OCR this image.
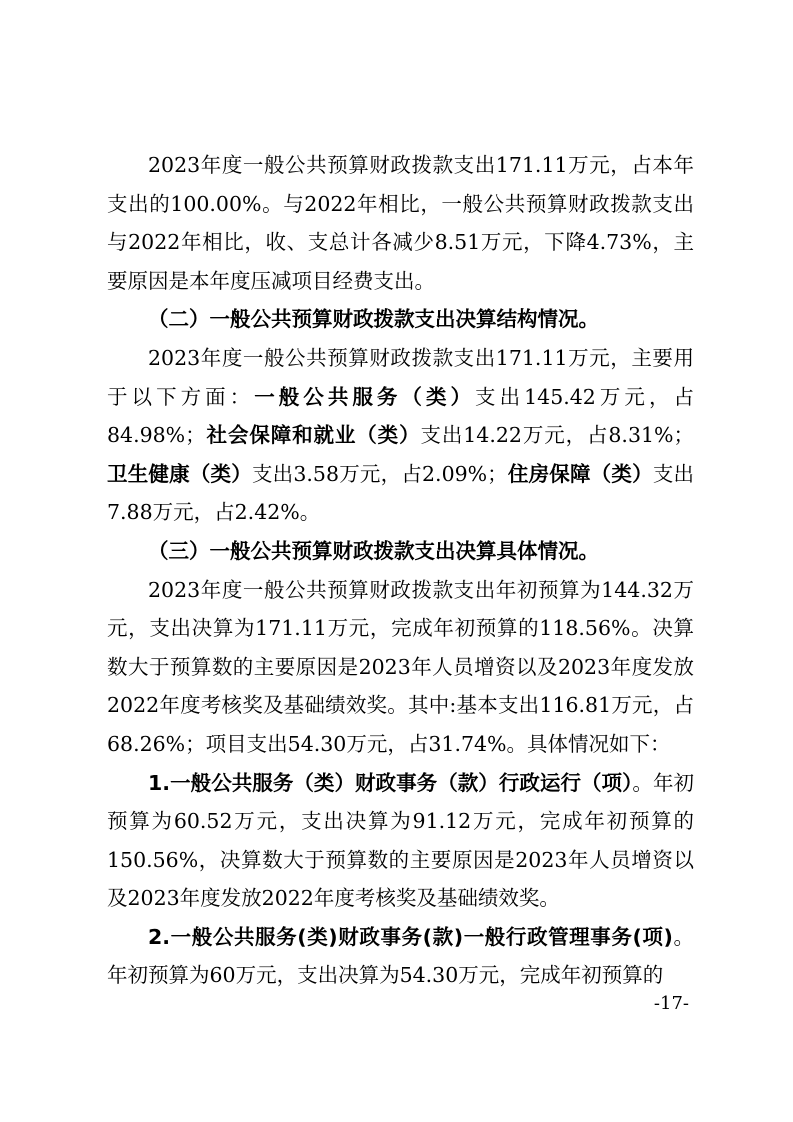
2023年度一般公共预算财政拨款支出171.11万元，占本年支出的100.00%。与2022年相比，一般公共预算财政拨款支出与2022年相比，收、支总计各减少8.51万元，下降4.73%，主要原因是本年度压减项目经费支出。

（二）一般公共预算财政拨款支出决算结构情况。

2023年度一般公共预算财政拨款支出171.11万元，主要用于以下方面：一般公共服务（类）支出145.42万元，占84.98%；社会保障和就业（类）支出14.22万元，占8.31%；卫生健康（类）支出3.58万元，占2.09%；住房保障（类）支出7.88万元，占2.42%。

（三）一般公共预算财政拨款支出决算具体情况。

2023年度一般公共预算财政拨款支出年初预算为144.32万元，支出决算为171.11万元，完成年初预算的118.56%。决算数大于预算数的主要原因是2023年人员增资以及2023年度发放2022年度考核奖及基础绩效奖。其中:基本支出116.81万元，占68.26%；项目支出54.30万元，占31.74%。具体情况如下：

1.一般公共服务（类）财政事务（款）行政运行（项）。年初预算为60.52万元，支出决算为91.12万元，完成年初预算的150.56%，决算数大于预算数的主要原因是2023年人员增资以及2023年度发放2022年度考核奖及基础绩效奖。

2.一般公共服务(类)财政事务(款)一般行政管理事务(项)。年初预算为60万元，支出决算为54.30万元，完成年初预算的

-17-
